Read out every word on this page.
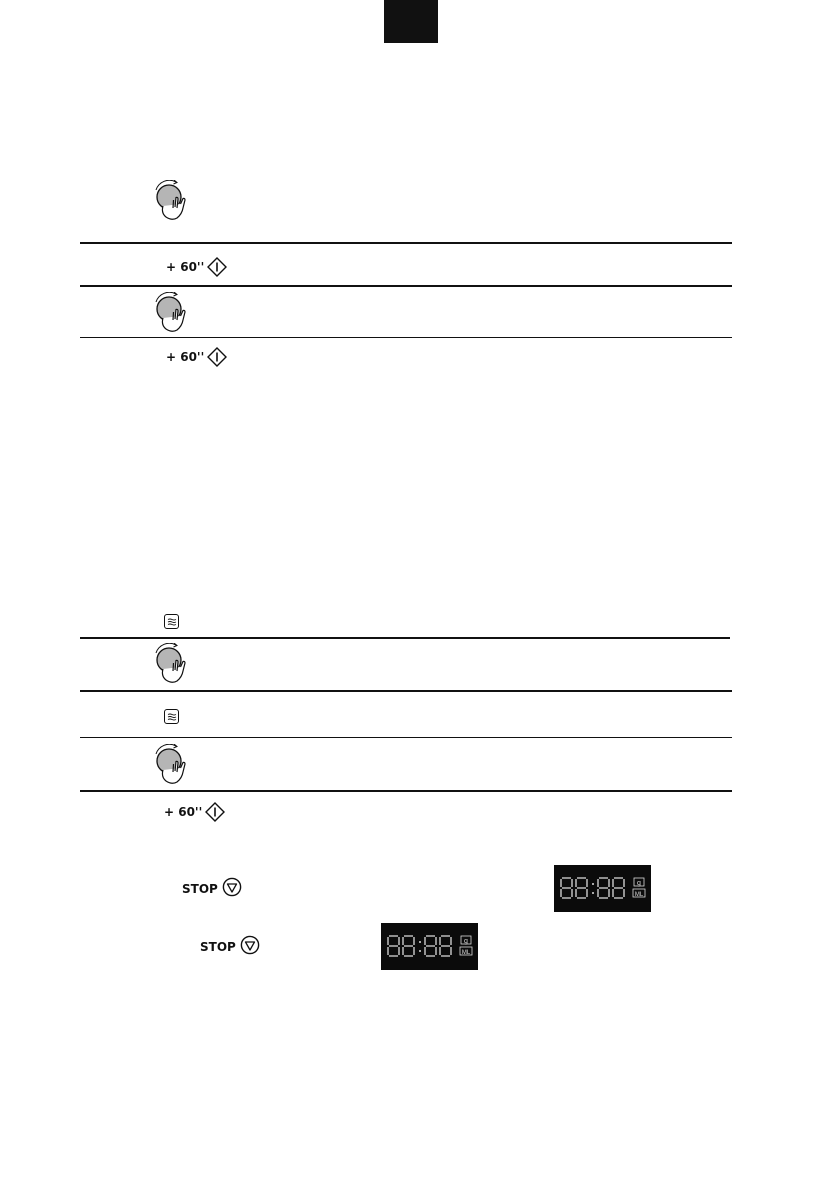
+ 60''
+ 60''
+ 60''
STOP	g
ML
STOP	g
ML
